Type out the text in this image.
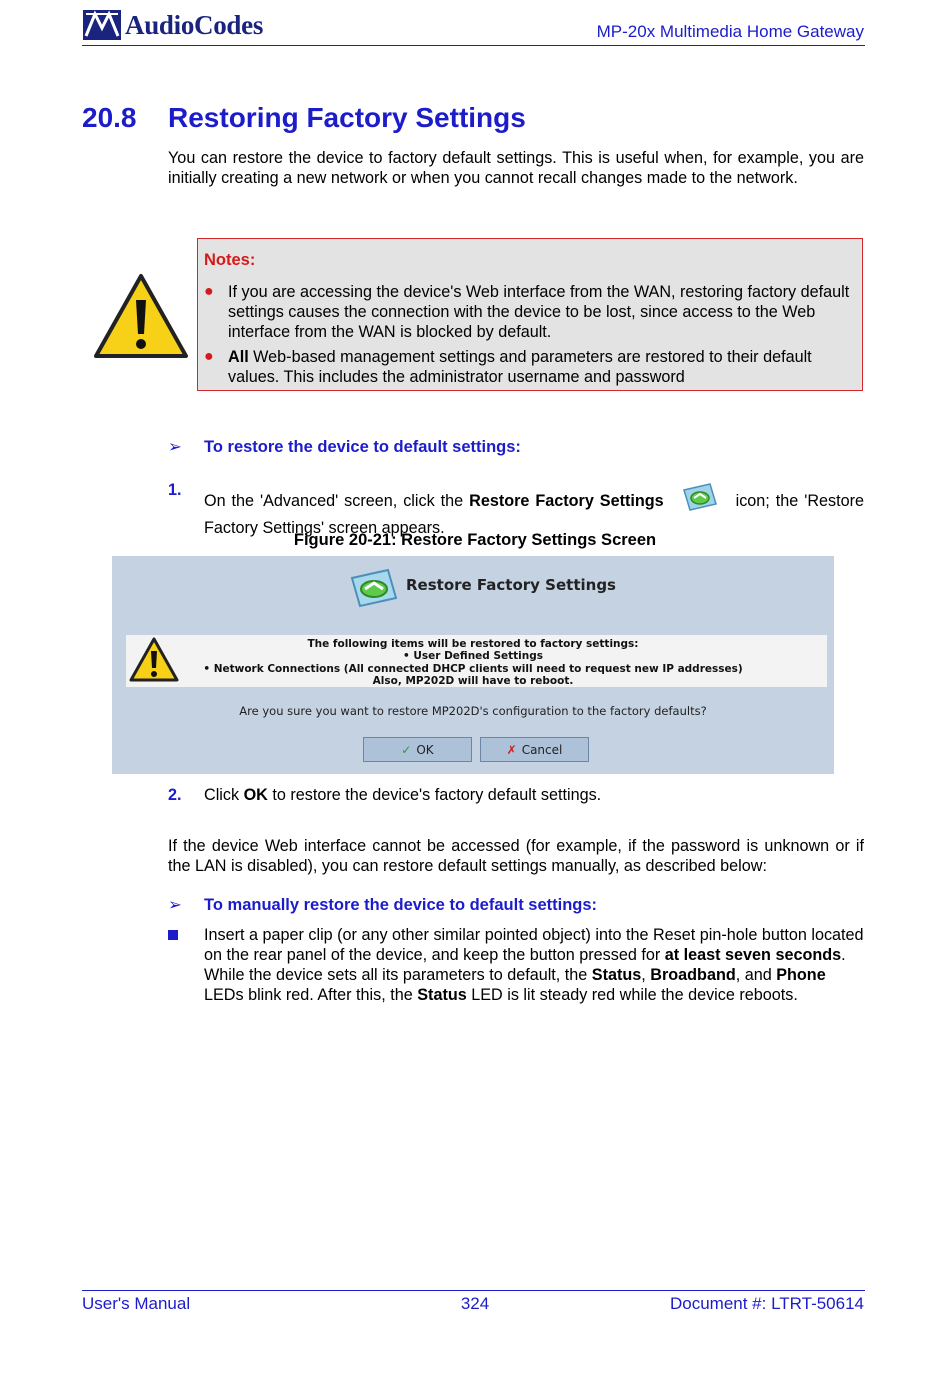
AudioCodes	MP-20x Multimedia Home Gateway
20.8 Restoring Factory Settings
You can restore the device to factory default settings. This is useful when, for example, you are initially creating a new network or when you cannot recall changes made to the network.
Notes:
● If you are accessing the device's Web interface from the WAN, restoring factory default settings causes the connection with the device to be lost, since access to the Web interface from the WAN is blocked by default.
● All Web-based management settings and parameters are restored to their default values. This includes the administrator username and password
➢ To restore the device to default settings:
1.
On the 'Advanced' screen, click the Restore Factory Settings	icon; the 'Restore Factory Settings' screen appears.
Figure 20-21: Restore Factory Settings Screen
Restore Factory Settings
The following items will be restored to factory settings:
• User Defined Settings
• Network Connections (All connected DHCP clients will need to request new IP addresses)
Also, MP202D will have to reboot.
Are you sure you want to restore MP202D's configuration to the factory defaults?
✓ OK	✗ Cancel
2. Click OK to restore the device's factory default settings.
If the device Web interface cannot be accessed (for example, if the password is unknown or if the LAN is disabled), you can restore default settings manually, as described below:
➢ To manually restore the device to default settings:
Insert a paper clip (or any other similar pointed object) into the Reset pin-hole button located on the rear panel of the device, and keep the button pressed for at least seven seconds. While the device sets all its parameters to default, the Status, Broadband, and Phone LEDs blink red. After this, the Status LED is lit steady red while the device reboots.
User's Manual	324	Document #: LTRT-50614
